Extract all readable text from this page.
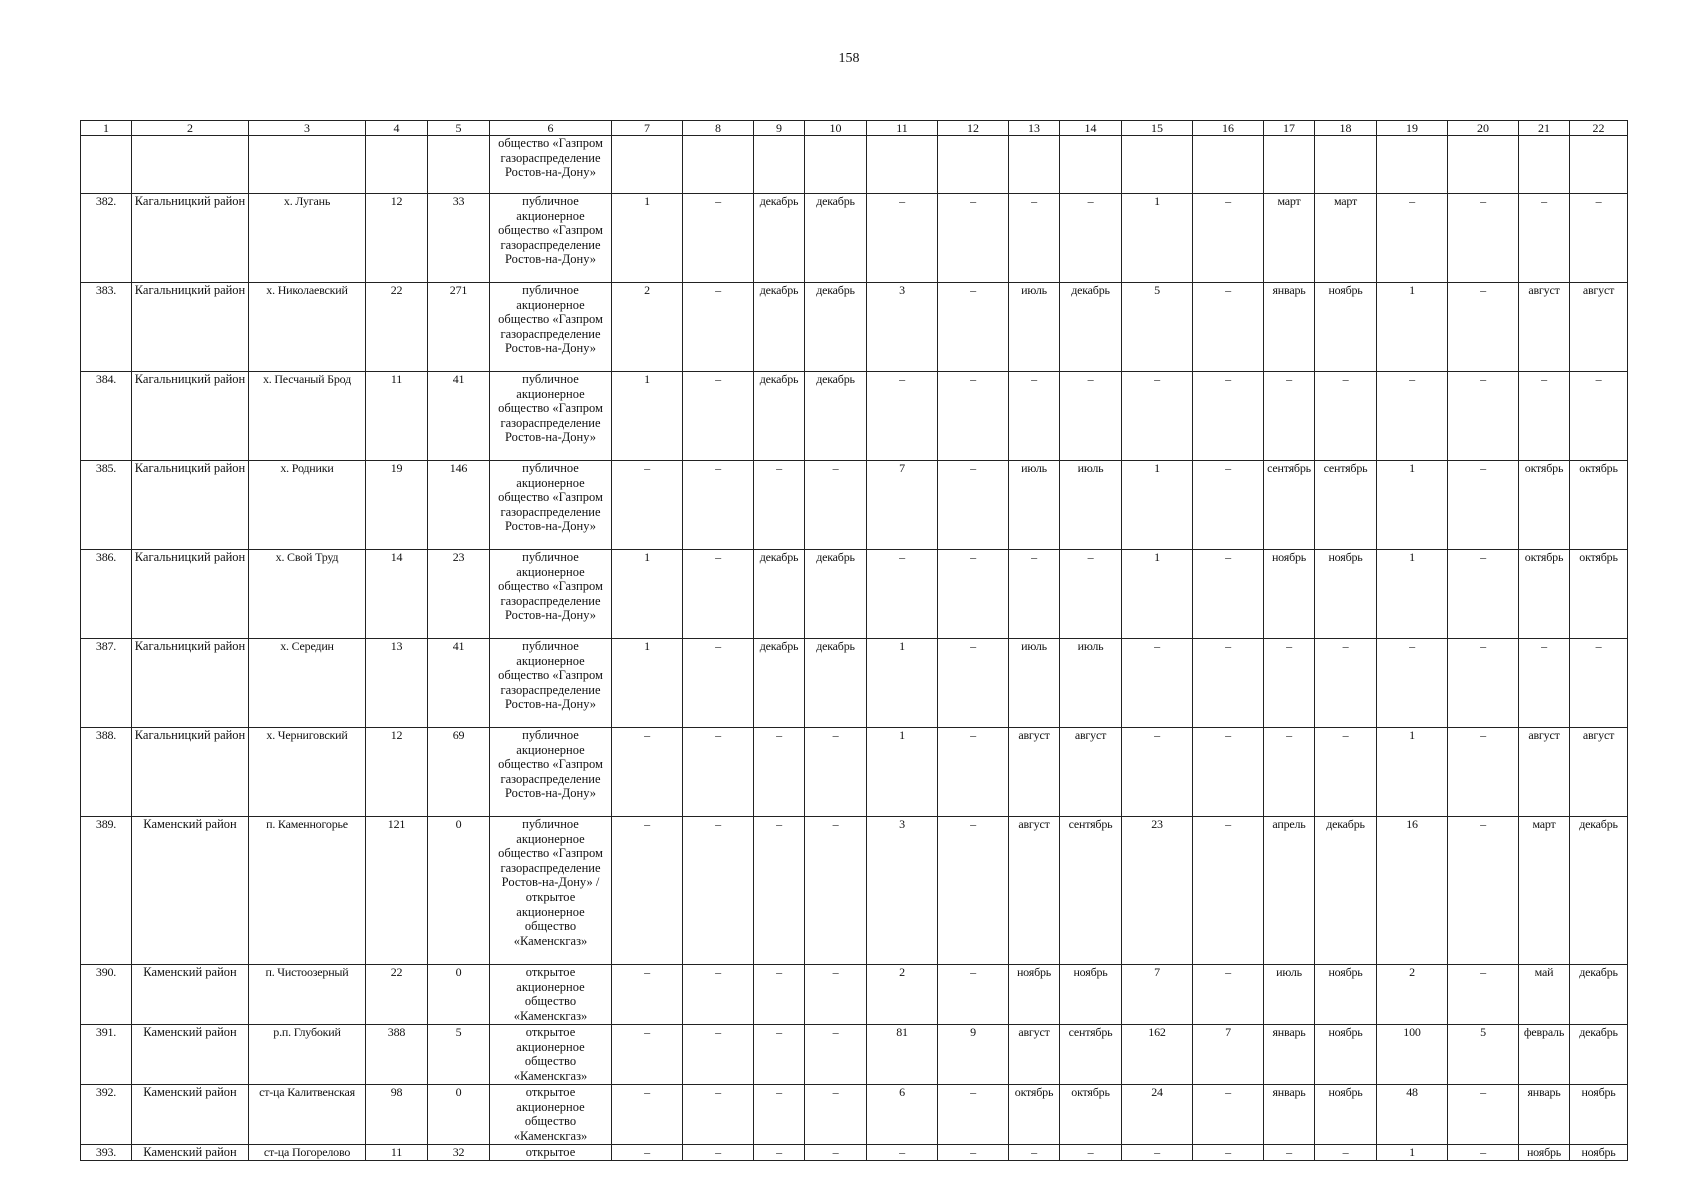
158
1	2	3	4	5	6	7	8	9	10	11	12	13	14	15	16	17	18	19	20	21	22
					общество «Газпром газораспределение Ростов-на-Дону»																
382.	Кагальницкий район	х. Лугань	12	33	публичное акционерное общество «Газпром газораспределение Ростов-на-Дону»	1	–	декабрь	декабрь	–	–	–	–	1	–	март	март	–	–	–	–
383.	Кагальницкий район	х. Николаевский	22	271	публичное акционерное общество «Газпром газораспределение Ростов-на-Дону»	2	–	декабрь	декабрь	3	–	июль	декабрь	5	–	январь	ноябрь	1	–	август	август
384.	Кагальницкий район	х. Песчаный Брод	11	41	публичное акционерное общество «Газпром газораспределение Ростов-на-Дону»	1	–	декабрь	декабрь	–	–	–	–	–	–	–	–	–	–	–	–
385.	Кагальницкий район	х. Родники	19	146	публичное акционерное общество «Газпром газораспределение Ростов-на-Дону»	–	–	–	–	7	–	июль	июль	1	–	сентябрь	сентябрь	1	–	октябрь	октябрь
386.	Кагальницкий район	х. Свой Труд	14	23	публичное акционерное общество «Газпром газораспределение Ростов-на-Дону»	1	–	декабрь	декабрь	–	–	–	–	1	–	ноябрь	ноябрь	1	–	октябрь	октябрь
387.	Кагальницкий район	х. Середин	13	41	публичное акционерное общество «Газпром газораспределение Ростов-на-Дону»	1	–	декабрь	декабрь	1	–	июль	июль	–	–	–	–	–	–	–	–
388.	Кагальницкий район	х. Черниговский	12	69	публичное акционерное общество «Газпром газораспределение Ростов-на-Дону»	–	–	–	–	1	–	август	август	–	–	–	–	1	–	август	август
389.	Каменский район	п. Каменногорье	121	0	публичное акционерное общество «Газпром газораспределение Ростов-на-Дону» / открытое акционерное общество «Каменскгаз»	–	–	–	–	3	–	август	сентябрь	23	–	апрель	декабрь	16	–	март	декабрь
390.	Каменский район	п. Чистоозерный	22	0	открытое акционерное общество «Каменскгаз»	–	–	–	–	2	–	ноябрь	ноябрь	7	–	июль	ноябрь	2	–	май	декабрь
391.	Каменский район	р.п. Глубокий	388	5	открытое акционерное общество «Каменскгаз»	–	–	–	–	81	9	август	сентябрь	162	7	январь	ноябрь	100	5	февраль	декабрь
392.	Каменский район	ст-ца Калитвенская	98	0	открытое акционерное общество «Каменскгаз»	–	–	–	–	6	–	октябрь	октябрь	24	–	январь	ноябрь	48	–	январь	ноябрь
393.	Каменский район	ст-ца Погорелово	11	32	открытое	–	–	–	–	–	–	–	–	–	–	–	–	1	–	ноябрь	ноябрь
